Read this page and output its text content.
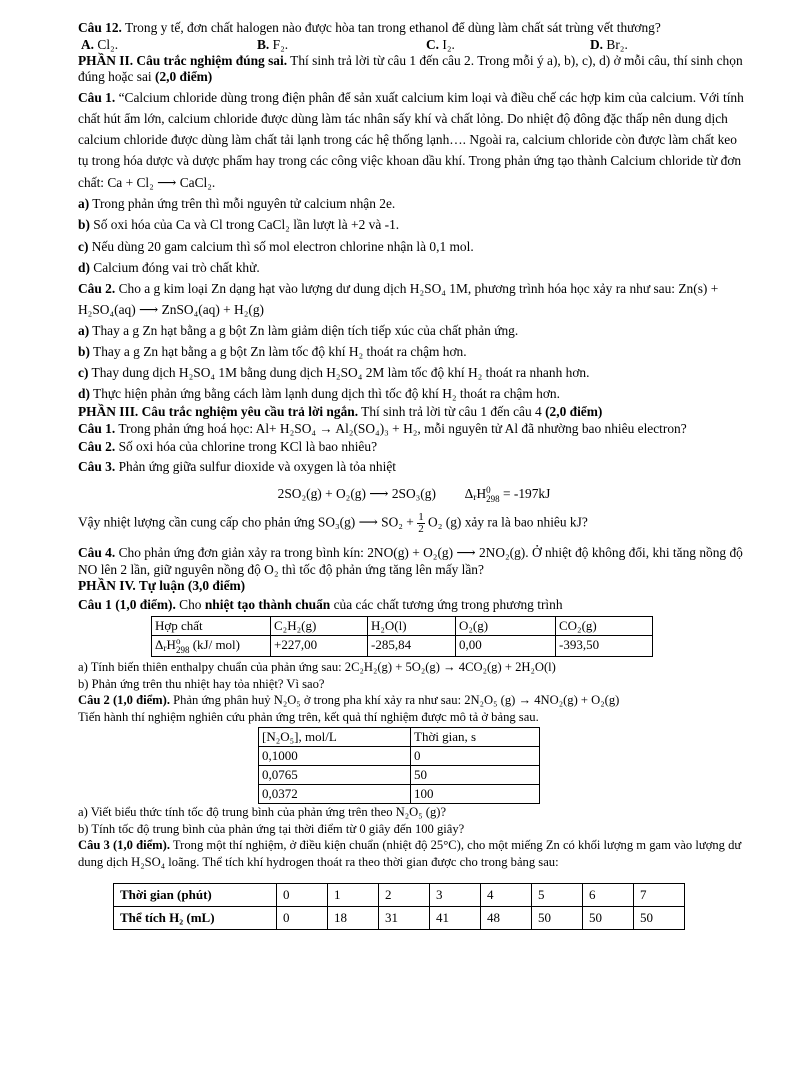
Câu 12. Trong y tế, đơn chất halogen nào được hòa tan trong ethanol để dùng làm chất sát trùng vết thương?

A. Cl₂.	B. F₂.	C. I₂.	D. Br₂.

PHẦN II. Câu trắc nghiệm đúng sai. Thí sinh trả lời từ câu 1 đến câu 2. Trong mỗi ý a), b), c), d) ở mỗi câu, thí sinh chọn đúng hoặc sai (2,0 điểm)

Câu 1. “Calcium chloride dùng trong điện phân để sản xuất calcium kim loại và điều chế các hợp kim của calcium. Với tính chất hút ẩm lớn, calcium chloride được dùng làm tác nhân sấy khí và chất lỏng. Do nhiệt độ đông đặc thấp nên dung dịch calcium chloride được dùng làm chất tải lạnh trong các hệ thống lạnh…. Ngoài ra, calcium chloride còn được làm chất keo tụ trong hóa dược và dược phẩm hay trong các công việc khoan dầu khí. Trong phản ứng tạo thành Calcium chloride từ đơn chất: Ca + Cl₂ ⟶ CaCl₂.

a) Trong phản ứng trên thì mỗi nguyên tử calcium nhận 2e.

b) Số oxi hóa của Ca và Cl trong CaCl₂ lần lượt là +2 và -1.

c) Nếu dùng 20 gam calcium thì số mol electron chlorine nhận là 0,1 mol.

d) Calcium đóng vai trò chất khử.

Câu 2. Cho a g kim loại Zn dạng hạt vào lượng dư dung dịch H₂SO₄ 1M, phương trình hóa học xảy ra như sau: Zn(s) + H₂SO₄(aq) ⟶ ZnSO₄(aq) + H₂(g)

a) Thay a g Zn hạt bằng a g bột Zn làm giảm diện tích tiếp xúc của chất phản ứng.

b) Thay a g Zn hạt bằng a g bột Zn làm tốc độ khí H₂ thoát ra chậm hơn.

c) Thay dung dịch H₂SO₄ 1M bằng dung dịch H₂SO₄ 2M làm tốc độ khí H₂ thoát ra nhanh hơn.

d) Thực hiện phản ứng bằng cách làm lạnh dung dịch thì tốc độ khí H₂ thoát ra chậm hơn.

PHẦN III. Câu trắc nghiệm yêu cầu trả lời ngắn. Thí sinh trả lời từ câu 1 đến câu 4 (2,0 điểm)

Câu 1. Trong phản ứng hoá học: Al+ H₂SO₄ → Al₂(SO₄)₃ + H₂, mỗi nguyên tử Al đã nhường bao nhiêu electron?

Câu 2. Số oxi hóa của chlorine trong KCl là bao nhiêu?

Câu 3. Phản ứng giữa sulfur dioxide và oxygen là tỏa nhiệt

2SO₂(g) + O₂(g) ⟶ 2SO₃(g) $\Delta_rH$ 0
298 = -197kJ

Vậy nhiệt lượng cần cung cấp cho phản ứng SO₃(g) ⟶ $SO_2 + \frac{1}{2} O_2$ (g) xảy ra là bao nhiêu kJ?

Câu 4. Cho phản ứng đơn giản xảy ra trong bình kín: 2NO(g) + O₂(g) ⟶ 2NO₂(g). Ở nhiệt độ không đổi, khi tăng nồng độ NO lên 2 lần, giữ nguyên nồng độ O₂ thì tốc độ phản ứng tăng lên mấy lần?

PHẦN IV. Tự luận (3,0 điểm)

Câu 1 (1,0 điểm). Cho nhiệt tạo thành chuẩn của các chất tương ứng trong phương trình

Hợp chất	C₂H₂(g)	H₂O(l)	O₂(g)	CO₂(g)
$\Delta_rH$ o
298 (kJ/ mol)	+227,00	-285,84	0,00	-393,50

a) Tính biến thiên enthalpy chuẩn của phản ứng sau: 2C₂H₂(g) + 5O₂(g) → 4CO₂(g) + 2H₂O(l)

b) Phản ứng trên thu nhiệt hay tỏa nhiệt? Vì sao?

Câu 2 (1,0 điểm). Phản ứng phân huỷ N₂O₅ ở trong pha khí xảy ra như sau: 2N₂O₅ (g) → 4NO₂(g) + O₂(g)

Tiến hành thí nghiệm nghiên cứu phản ứng trên, kết quả thí nghiệm được mô tả ở bảng sau.

[N₂O₅], mol/L	Thời gian, s
0,1000	0
0,0765	50
0,0372	100

a) Viết biểu thức tính tốc độ trung bình của phản ứng trên theo N₂O₅ (g)?

b) Tính tốc độ trung bình của phản ứng tại thời điểm từ 0 giây đến 100 giây?

Câu 3 (1,0 điểm). Trong một thí nghiệm, ở điều kiện chuẩn (nhiệt độ 25°C), cho một miếng Zn có khối lượng m gam vào lượng dư dung dịch H₂SO₄ loãng. Thể tích khí hydrogen thoát ra theo thời gian được cho trong bảng sau:

Thời gian (phút)	0	1	2	3	4	5	6	7
Thể tích H₂ (mL)	0	18	31	41	48	50	50	50
